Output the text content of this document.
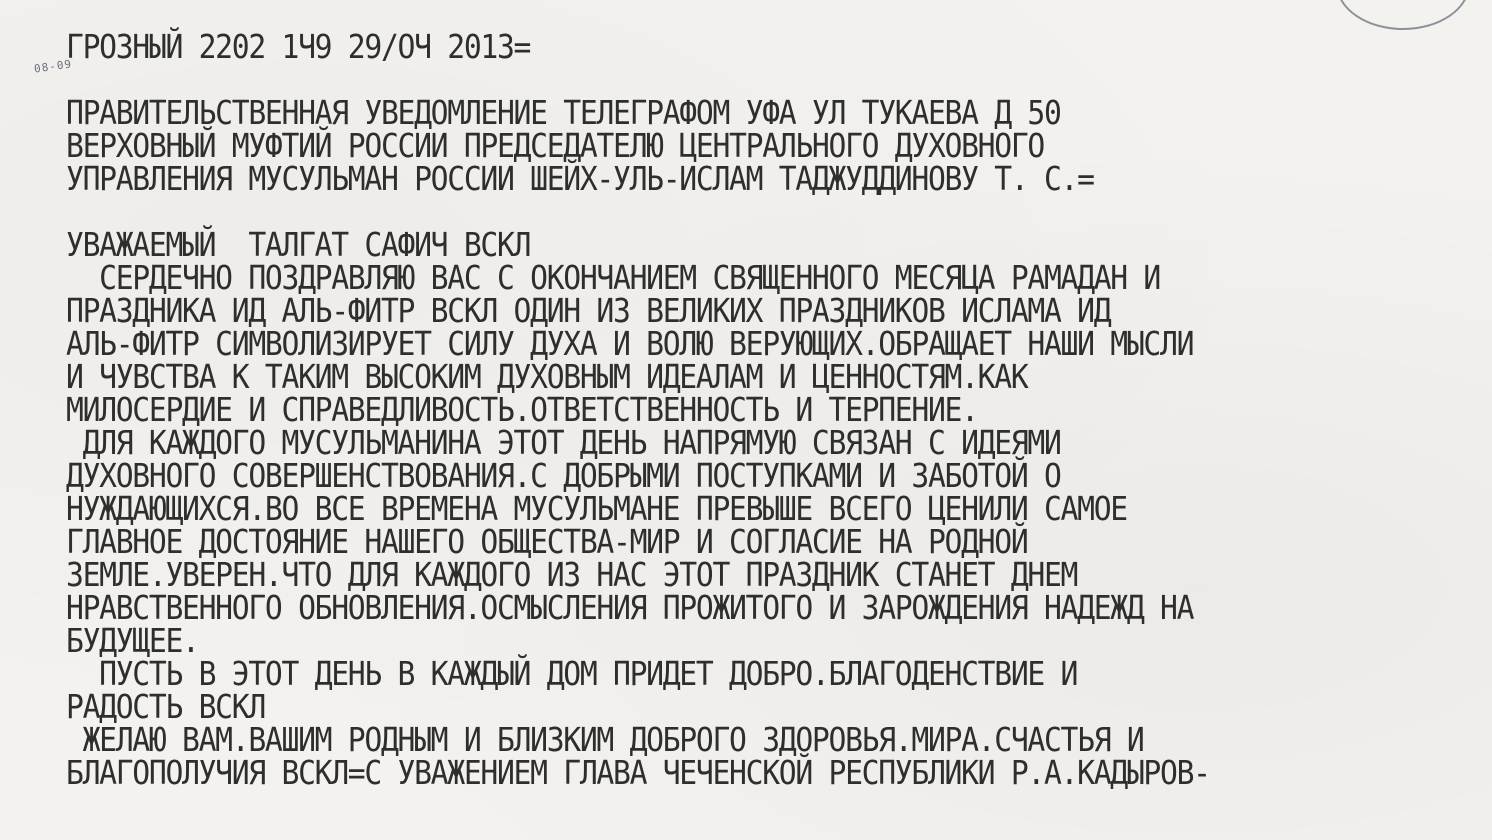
08-09
ГРОЗНЫЙ 2202 1Ч9 29/ОЧ 2013=
ПРАВИТЕЛЬСТВЕННАЯ УВЕДОМЛЕНИЕ ТЕЛЕГРАФОМ УФА УЛ ТУКАЕВА Д 50
ВЕРХОВНЫЙ МУФТИЙ РОССИИ ПРЕДСЕДАТЕЛЮ ЦЕНТРАЛЬНОГО ДУХОВНОГО
УПРАВЛЕНИЯ МУСУЛЬМАН РОССИИ ШЕЙХ-УЛЬ-ИСЛАМ ТАДЖУДДИНОВУ Т. С.=
УВАЖАЕМЫЙ  ТАЛГАТ САФИЧ ВСКЛ
СЕРДЕЧНО ПОЗДРАВЛЯЮ ВАС С ОКОНЧАНИЕМ СВЯЩЕННОГО МЕСЯЦА РАМАДАН И
ПРАЗДНИКА ИД АЛЬ-ФИТР ВСКЛ ОДИН ИЗ ВЕЛИКИХ ПРАЗДНИКОВ ИСЛАМА ИД
АЛЬ-ФИТР СИМВОЛИЗИРУЕТ СИЛУ ДУХА И ВОЛЮ ВЕРУЮЩИХ.ОБРАЩАЕТ НАШИ МЫСЛИ
И ЧУВСТВА К ТАКИМ ВЫСОКИМ ДУХОВНЫМ ИДЕАЛАМ И ЦЕННОСТЯМ.КАК
МИЛОСЕРДИЕ И СПРАВЕДЛИВОСТЬ.ОТВЕТСТВЕННОСТЬ И ТЕРПЕНИЕ.
ДЛЯ КАЖДОГО МУСУЛЬМАНИНА ЭТОТ ДЕНЬ НАПРЯМУЮ СВЯЗАН С ИДЕЯМИ
ДУХОВНОГО СОВЕРШЕНСТВОВАНИЯ.С ДОБРЫМИ ПОСТУПКАМИ И ЗАБОТОЙ О
НУЖДАЮЩИХСЯ.ВО ВСЕ ВРЕМЕНА МУСУЛЬМАНЕ ПРЕВЫШЕ ВСЕГО ЦЕНИЛИ САМОЕ
ГЛАВНОЕ ДОСТОЯНИЕ НАШЕГО ОБЩЕСТВА-МИР И СОГЛАСИЕ НА РОДНОЙ
ЗЕМЛЕ.УВЕРЕН.ЧТО ДЛЯ КАЖДОГО ИЗ НАС ЭТОТ ПРАЗДНИК СТАНЕТ ДНЕМ
НРАВСТВЕННОГО ОБНОВЛЕНИЯ.ОСМЫСЛЕНИЯ ПРОЖИТОГО И ЗАРОЖДЕНИЯ НАДЕЖД НА
БУДУЩЕЕ.
ПУСТЬ В ЭТОТ ДЕНЬ В КАЖДЫЙ ДОМ ПРИДЕТ ДОБРО.БЛАГОДЕНСТВИЕ И
РАДОСТЬ ВСКЛ
ЖЕЛАЮ ВАМ.ВАШИМ РОДНЫМ И БЛИЗКИМ ДОБРОГО ЗДОРОВЬЯ.МИРА.СЧАСТЬЯ И
БЛАГОПОЛУЧИЯ ВСКЛ=С УВАЖЕНИЕМ ГЛАВА ЧЕЧЕНСКОЙ РЕСПУБЛИКИ Р.А.КАДЫРОВ-
